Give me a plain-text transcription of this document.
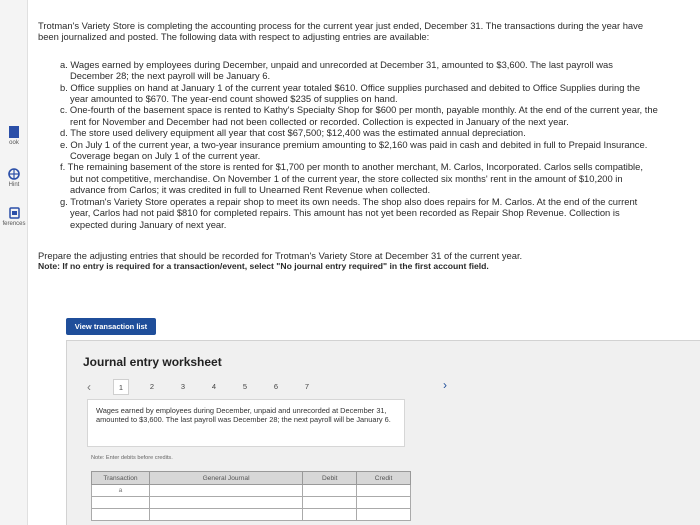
ook
Hint
ferences

Trotman's Variety Store is completing the accounting process for the current year just ended, December 31. The transactions during the year have been journalized and posted. The following data with respect to adjusting entries are available:

a. Wages earned by employees during December, unpaid and unrecorded at December 31, amounted to $3,600. The last payroll was December 28; the next payroll will be January 6.
b. Office supplies on hand at January 1 of the current year totaled $610. Office supplies purchased and debited to Office Supplies during the year amounted to $670. The year-end count showed $235 of supplies on hand.
c. One-fourth of the basement space is rented to Kathy's Specialty Shop for $600 per month, payable monthly. At the end of the current year, the rent for November and December had not been collected or recorded. Collection is expected in January of the next year.
d. The store used delivery equipment all year that cost $67,500; $12,400 was the estimated annual depreciation.
e. On July 1 of the current year, a two-year insurance premium amounting to $2,160 was paid in cash and debited in full to Prepaid Insurance. Coverage began on July 1 of the current year.
f. The remaining basement of the store is rented for $1,700 per month to another merchant, M. Carlos, Incorporated. Carlos sells compatible, but not competitive, merchandise. On November 1 of the current year, the store collected six months' rent in the amount of $10,200 in advance from Carlos; it was credited in full to Unearned Rent Revenue when collected.
g. Trotman's Variety Store operates a repair shop to meet its own needs. The shop also does repairs for M. Carlos. At the end of the current year, Carlos had not paid $810 for completed repairs. This amount has not yet been recorded as Repair Shop Revenue. Collection is expected during January of next year.

Prepare the adjusting entries that should be recorded for Trotman's Variety Store at December 31 of the current year.

Note: If no entry is required for a transaction/event, select "No journal entry required" in the first account field.

View transaction list
Journal entry worksheet
‹	1	2	3	4	5	6	7	›
Wages earned by employees during December, unpaid and unrecorded at December 31, amounted to $3,600. The last payroll was December 28; the next payroll will be January 6.
Note: Enter debits before credits.
Transaction	General Journal	Debit	Credit
a			
